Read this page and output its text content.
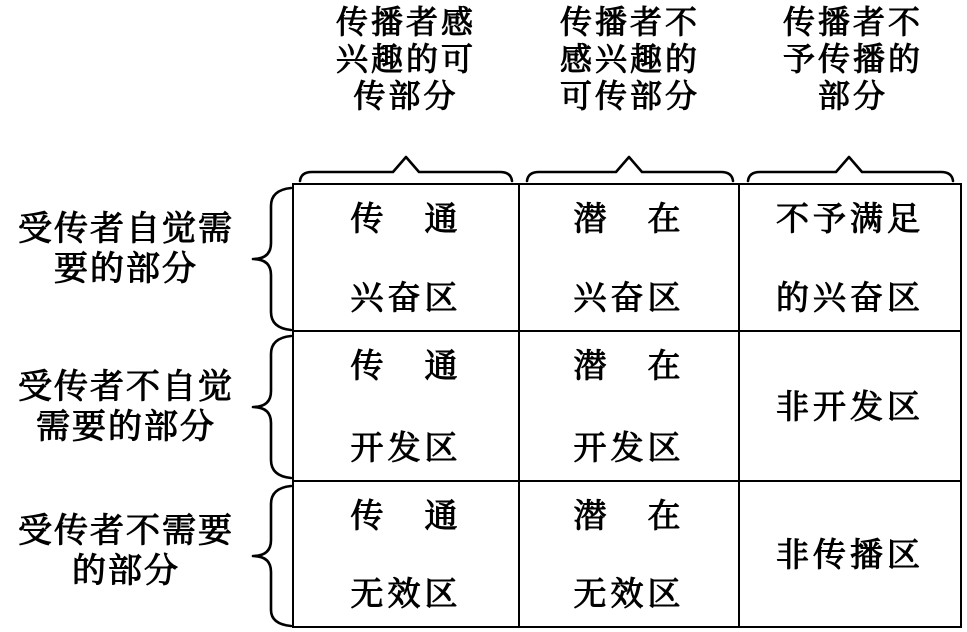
传播者感
兴趣的可
传部分
传播者不
感兴趣的
可传部分
传播者不
予传播的
部分
受传者自觉需
要的部分
受传者不自觉
需要的部分
受传者不需要
的部分
传　通
兴奋区
潜　在
兴奋区
不予满足
的兴奋区
传　通
开发区
潜　在
开发区
非开发区
传　通
无效区
潜　在
无效区
非传播区
